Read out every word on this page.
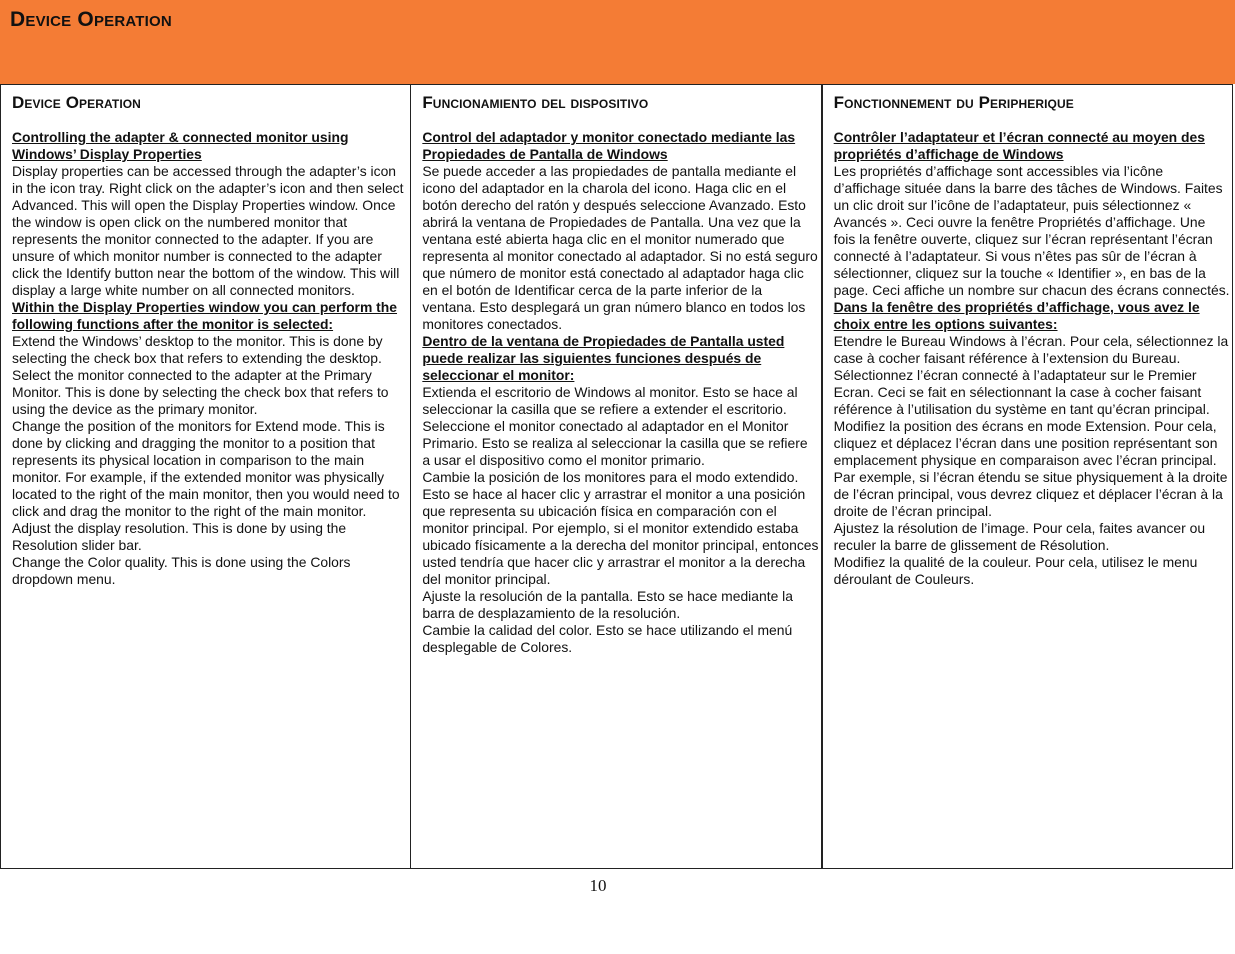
Device Operation
Device Operation

Controlling the adapter & connected monitor using Windows’ Display Properties

Display properties can be accessed through the adapter’s icon in the icon tray. Right click on the adapter’s icon and then select Advanced. This will open the Display Properties window. Once the window is open click on the numbered monitor that represents the monitor connected to the adapter. If you are unsure of which monitor number is connected to the adapter click the Identify button near the bottom of the window. This will display a large white number on all connected monitors.

Within the Display Properties window you can perform the following functions after the monitor is selected:

Extend the Windows’ desktop to the monitor. This is done by selecting the check box that refers to extending the desktop.

Select the monitor connected to the adapter at the Primary Monitor. This is done by selecting the check box that refers to using the device as the primary monitor.

Change the position of the monitors for Extend mode. This is done by clicking and dragging the monitor to a position that represents its physical location in comparison to the main monitor. For example, if the extended monitor was physically located to the right of the main monitor, then you would need to click and drag the monitor to the right of the main monitor.

Adjust the display resolution. This is done by using the Resolution slider bar.

Change the Color quality. This is done using the Colors dropdown menu.

Funcionamiento del dispositivo

Control del adaptador y monitor conectado mediante las Propiedades de Pantalla de Windows

Se puede acceder a las propiedades de pantalla mediante el icono del adaptador en la charola del icono. Haga clic en el botón derecho del ratón y después seleccione Avanzado. Esto abrirá la ventana de Propiedades de Pantalla. Una vez que la ventana esté abierta haga clic en el monitor numerado que representa al monitor conectado al adaptador. Si no está seguro que número de monitor está conectado al adaptador haga clic en el botón de Identificar cerca de la parte inferior de la ventana. Esto desplegará un gran número blanco en todos los monitores conectados.

Dentro de la ventana de Propiedades de Pantalla usted puede realizar las siguientes funciones después de seleccionar el monitor:

Extienda el escritorio de Windows al monitor. Esto se hace al seleccionar la casilla que se refiere a extender el escritorio.

Seleccione el monitor conectado al adaptador en el Monitor Primario. Esto se realiza al seleccionar la casilla que se refiere a usar el dispositivo como el monitor primario.

Cambie la posición de los monitores para el modo extendido. Esto se hace al hacer clic y arrastrar el monitor a una posición que representa su ubicación física en comparación con el monitor principal. Por ejemplo, si el monitor extendido estaba ubicado físicamente a la derecha del monitor principal, entonces usted tendría que hacer clic y arrastrar el monitor a la derecha del monitor principal.

Ajuste la resolución de la pantalla. Esto se hace mediante la barra de desplazamiento de la resolución.

Cambie la calidad del color. Esto se hace utilizando el menú desplegable de Colores.

Fonctionnement du Peripherique

Contrôler l’adaptateur et l’écran connecté au moyen des propriétés d’affichage de Windows

Les propriétés d’affichage sont accessibles via l’icône d’affichage située dans la barre des tâches de Windows. Faites un clic droit sur l’icône de l’adaptateur, puis sélectionnez « Avancés ». Ceci ouvre la fenêtre Propriétés d’affichage. Une fois la fenêtre ouverte, cliquez sur l’écran représentant l’écran connecté à l’adaptateur. Si vous n’êtes pas sûr de l’écran à sélectionner, cliquez sur la touche « Identifier », en bas de la page. Ceci affiche un nombre sur chacun des écrans connectés.

Dans la fenêtre des propriétés d’affichage, vous avez le choix entre les options suivantes:

Etendre le Bureau Windows à l’écran. Pour cela, sélectionnez la case à cocher faisant référence à l’extension du Bureau.

Sélectionnez l’écran connecté à l’adaptateur sur le Premier Ecran. Ceci se fait en sélectionnant la case à cocher faisant référence à l’utilisation du système en tant qu’écran principal.

Modifiez la position des écrans en mode Extension. Pour cela, cliquez et déplacez l’écran dans une position représentant son emplacement physique en comparaison avec l’écran principal. Par exemple, si l’écran étendu se situe physiquement à la droite de l’écran principal, vous devrez cliquez et déplacer l’écran à la droite de l’écran principal.

Ajustez la résolution de l’image. Pour cela, faites avancer ou reculer la barre de glissement de Résolution.

Modifiez la qualité de la couleur. Pour cela, utilisez le menu déroulant de Couleurs.

10
